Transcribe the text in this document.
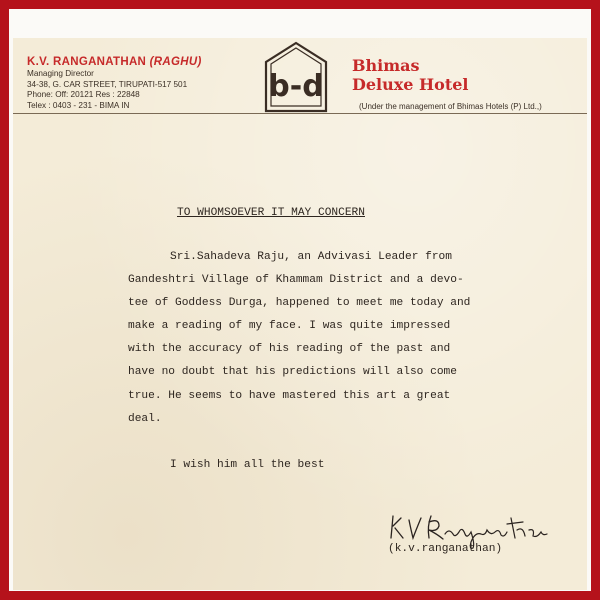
K.V. RANGANATHAN (RAGHU)
Managing Director
34-38, G. CAR STREET, TIRUPATI-517 501
Phone: Off: 20121 Res : 22848
Telex : 0403 - 231 - BIMA IN
b-d
Bhimas
Deluxe Hotel
(Under the management of Bhimas Hotels (P) Ltd.,)
TO WHOMSOEVER IT MAY CONCERN
Sri.Sahadeva Raju, an Advivasi Leader from
Gandeshtri Village of Khammam District and a devo-
tee of Goddess Durga, happened to meet me today and
make a reading of my face. I was quite impressed
with the accuracy of his reading of the past and
have no doubt that his predictions will also come
true. He seems to have mastered this art a great
deal.
I wish him all the best
(k.v.ranganathan)
